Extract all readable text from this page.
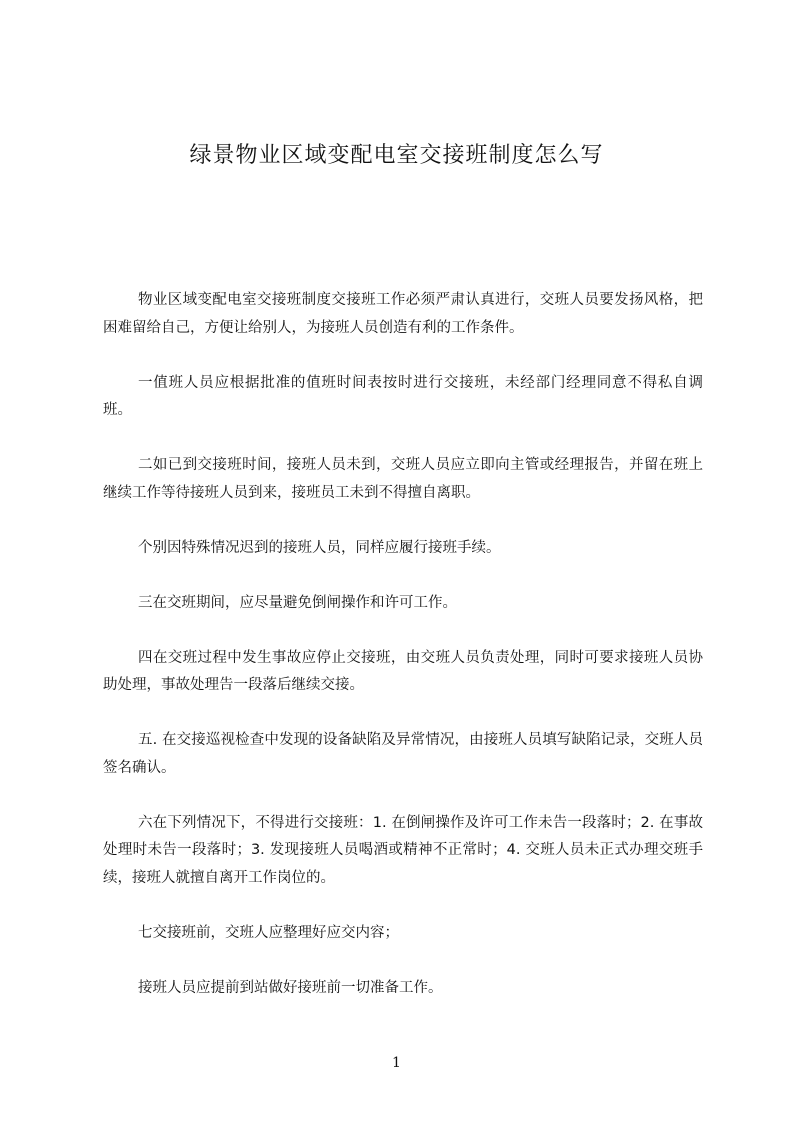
绿景物业区域变配电室交接班制度怎么写

物业区域变配电室交接班制度交接班工作必须严肃认真进行，交班人员要发扬风格，把困难留给自己，方便让给别人，为接班人员创造有利的工作条件。

一值班人员应根据批准的值班时间表按时进行交接班，未经部门经理同意不得私自调班。

二如已到交接班时间，接班人员未到，交班人员应立即向主管或经理报告，并留在班上继续工作等待接班人员到来，接班员工未到不得擅自离职。

个别因特殊情况迟到的接班人员，同样应履行接班手续。

三在交班期间，应尽量避免倒闸操作和许可工作。

四在交班过程中发生事故应停止交接班，由交班人员负责处理，同时可要求接班人员协助处理，事故处理告一段落后继续交接。

五. 在交接巡视检查中发现的设备缺陷及异常情况，由接班人员填写缺陷记录，交班人员签名确认。

六在下列情况下，不得进行交接班：1. 在倒闸操作及许可工作未告一段落时；2. 在事故处理时未告一段落时；3. 发现接班人员喝酒或精神不正常时；4. 交班人员未正式办理交班手续，接班人就擅自离开工作岗位的。

七交接班前，交班人应整理好应交内容；

接班人员应提前到站做好接班前一切准备工作。

1
